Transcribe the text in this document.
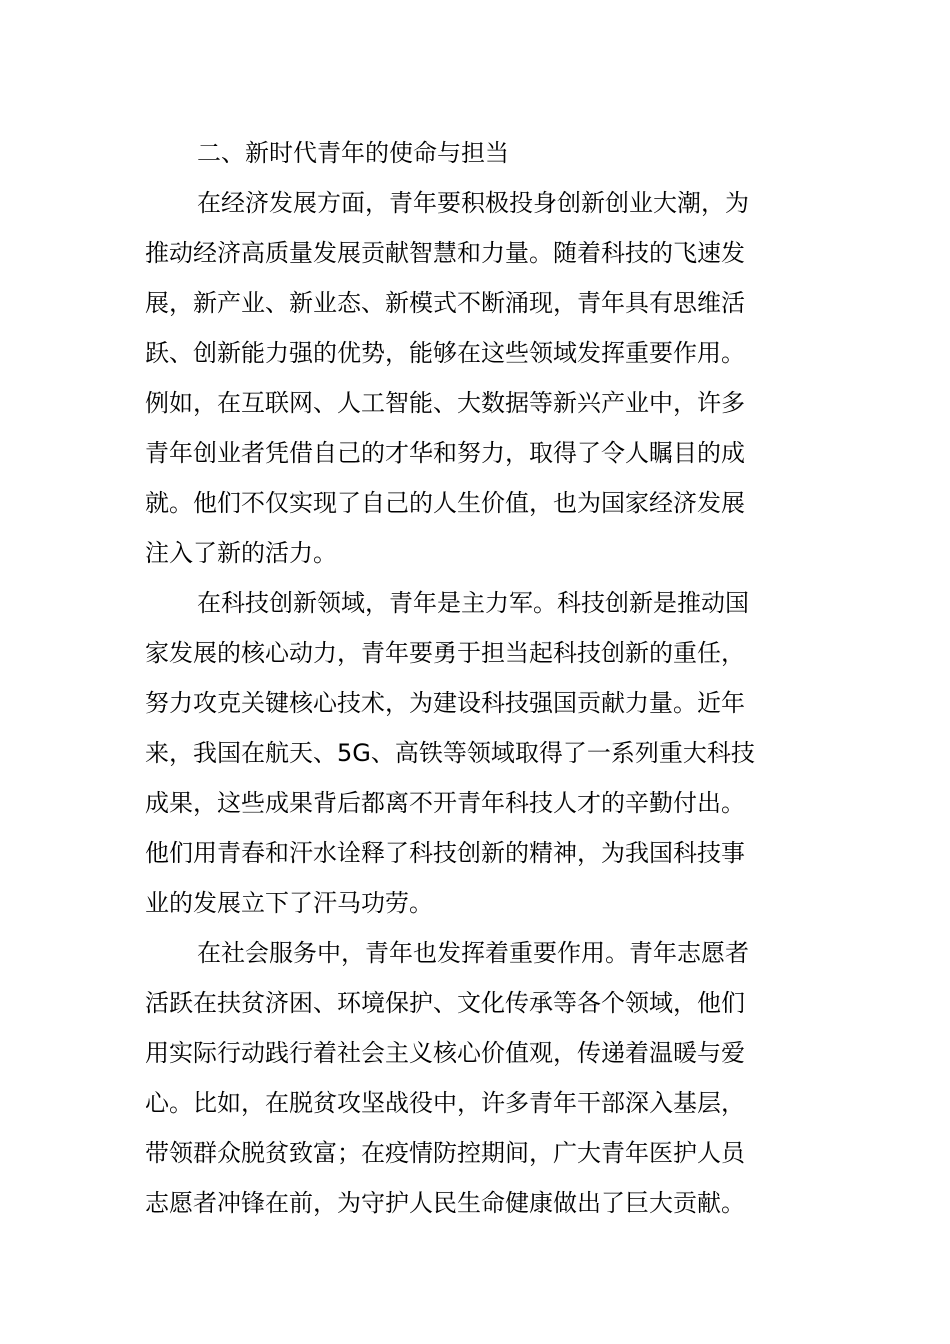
二、新时代青年的使命与担当
在经济发展方面，青年要积极投身创新创业大潮，为
推动经济高质量发展贡献智慧和力量。随着科技的飞速发
展，新产业、新业态、新模式不断涌现，青年具有思维活
跃、创新能力强的优势，能够在这些领域发挥重要作用。
例如，在互联网、人工智能、大数据等新兴产业中，许多
青年创业者凭借自己的才华和努力，取得了令人瞩目的成
就。他们不仅实现了自己的人生价值，也为国家经济发展
注入了新的活力。
在科技创新领域，青年是主力军。科技创新是推动国
家发展的核心动力，青年要勇于担当起科技创新的重任，
努力攻克关键核心技术，为建设科技强国贡献力量。近年
来，我国在航天、5G、高铁等领域取得了一系列重大科技
成果，这些成果背后都离不开青年科技人才的辛勤付出。
他们用青春和汗水诠释了科技创新的精神，为我国科技事
业的发展立下了汗马功劳。
在社会服务中，青年也发挥着重要作用。青年志愿者
活跃在扶贫济困、环境保护、文化传承等各个领域，他们
用实际行动践行着社会主义核心价值观，传递着温暖与爱
心。比如，在脱贫攻坚战役中，许多青年干部深入基层，
带领群众脱贫致富；在疫情防控期间，广大青年医护人员
志愿者冲锋在前，为守护人民生命健康做出了巨大贡献。
